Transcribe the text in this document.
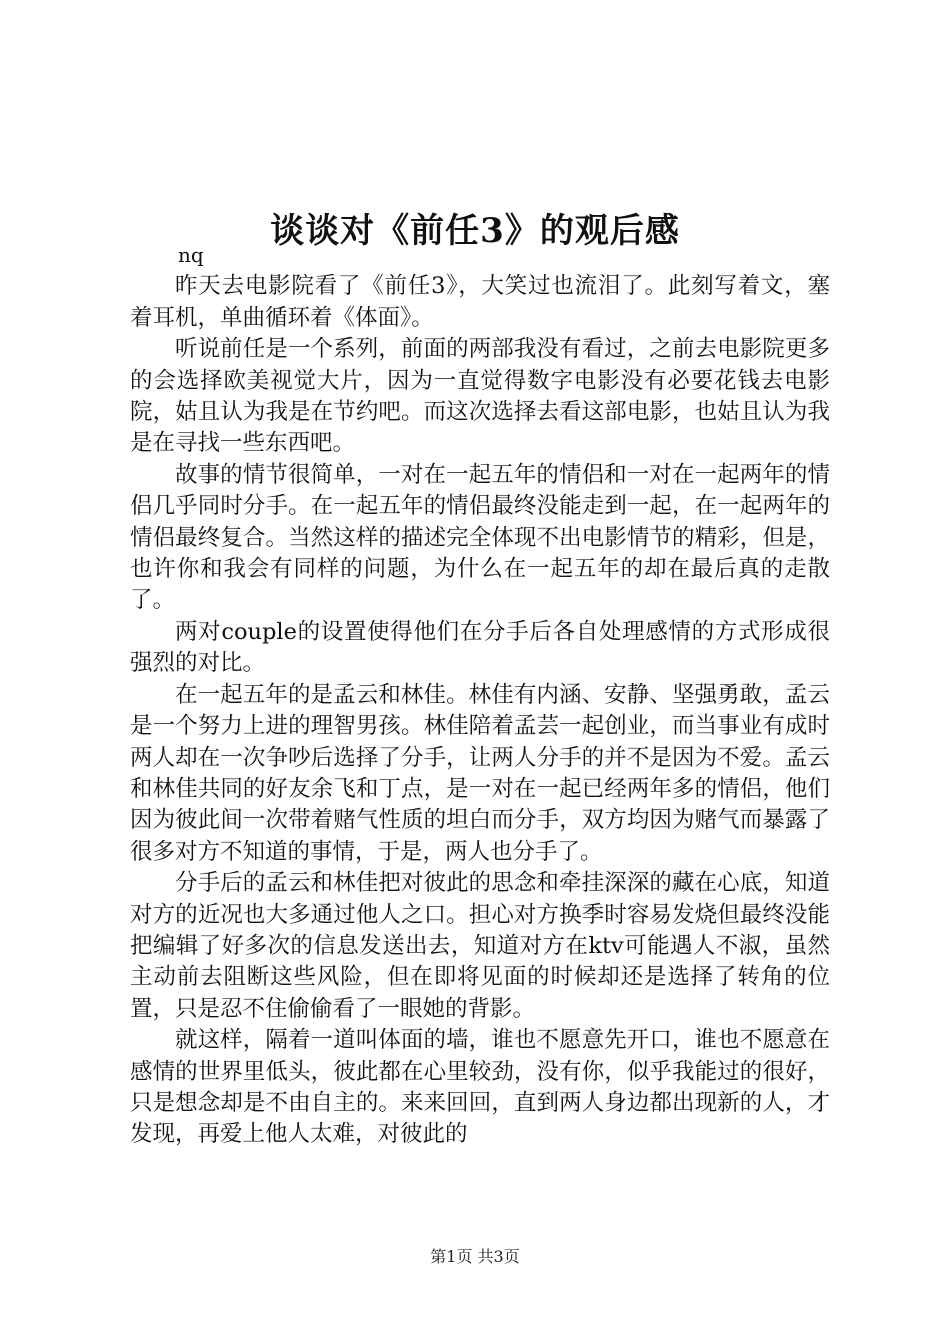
谈谈对《前任3》的观后感

nq

昨天去电影院看了《前任3》，大笑过也流泪了。此刻写着文，塞着耳机，单曲循环着《体面》。

听说前任是一个系列，前面的两部我没有看过，之前去电影院更多的会选择欧美视觉大片，因为一直觉得数字电影没有必要花钱去电影院，姑且认为我是在节约吧。而这次选择去看这部电影，也姑且认为我是在寻找一些东西吧。

故事的情节很简单，一对在一起五年的情侣和一对在一起两年的情侣几乎同时分手。在一起五年的情侣最终没能走到一起，在一起两年的情侣最终复合。当然这样的描述完全体现不出电影情节的精彩，但是，也许你和我会有同样的问题，为什么在一起五年的却在最后真的走散了。

两对couple的设置使得他们在分手后各自处理感情的方式形成很强烈的对比。

在一起五年的是孟云和林佳。林佳有内涵、安静、坚强勇敢，孟云是一个努力上进的理智男孩。林佳陪着孟芸一起创业，而当事业有成时两人却在一次争吵后选择了分手，让两人分手的并不是因为不爱。孟云和林佳共同的好友余飞和丁点，是一对在一起已经两年多的情侣，他们因为彼此间一次带着赌气性质的坦白而分手，双方均因为赌气而暴露了很多对方不知道的事情，于是，两人也分手了。

分手后的孟云和林佳把对彼此的思念和牵挂深深的藏在心底，知道对方的近况也大多通过他人之口。担心对方换季时容易发烧但最终没能把编辑了好多次的信息发送出去，知道对方在ktv可能遇人不淑，虽然主动前去阻断这些风险，但在即将见面的时候却还是选择了转角的位置，只是忍不住偷偷看了一眼她的背影。

就这样，隔着一道叫体面的墙，谁也不愿意先开口，谁也不愿意在感情的世界里低头，彼此都在心里较劲，没有你，似乎我能过的很好，只是想念却是不由自主的。来来回回，直到两人身边都出现新的人，才发现，再爱上他人太难，对彼此的

第1页 共3页
